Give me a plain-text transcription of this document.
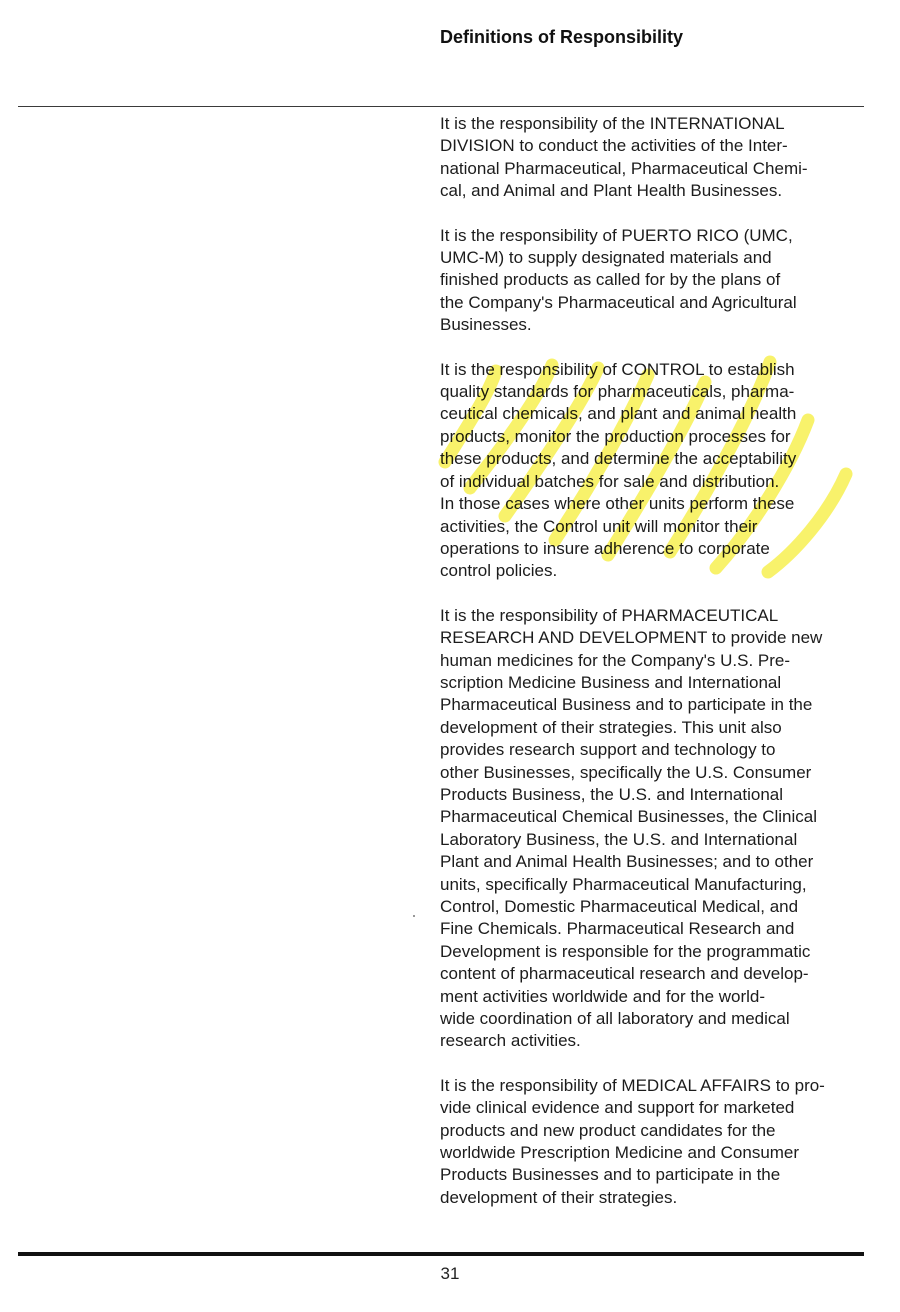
Definitions of Responsibility

It is the responsibility of the INTERNATIONAL
DIVISION to conduct the activities of the Inter-
national Pharmaceutical, Pharmaceutical Chemi-
cal, and Animal and Plant Health Businesses.

It is the responsibility of PUERTO RICO (UMC,
UMC-M) to supply designated materials and
finished products as called for by the plans of
the Company's Pharmaceutical and Agricultural
Businesses.

It is the responsibility of CONTROL to establish
quality standards for pharmaceuticals, pharma-
ceutical chemicals, and plant and animal health
products, monitor the production processes for
these products, and determine the acceptability
of individual batches for sale and distribution.
In those cases where other units perform these
activities, the Control unit will monitor their
operations to insure adherence to corporate
control policies.

It is the responsibility of PHARMACEUTICAL
RESEARCH AND DEVELOPMENT to provide new
human medicines for the Company's U.S. Pre-
scription Medicine Business and International
Pharmaceutical Business and to participate in the
development of their strategies. This unit also
provides research support and technology to
other Businesses, specifically the U.S. Consumer
Products Business, the U.S. and International
Pharmaceutical Chemical Businesses, the Clinical
Laboratory Business, the U.S. and International
Plant and Animal Health Businesses; and to other
units, specifically Pharmaceutical Manufacturing,
Control, Domestic Pharmaceutical Medical, and
Fine Chemicals. Pharmaceutical Research and
Development is responsible for the programmatic
content of pharmaceutical research and develop-
ment activities worldwide and for the world-
wide coordination of all laboratory and medical
research activities.

It is the responsibility of MEDICAL AFFAIRS to pro-
vide clinical evidence and support for marketed
products and new product candidates for the
worldwide Prescription Medicine and Consumer
Products Businesses and to participate in the
development of their strategies.

31
